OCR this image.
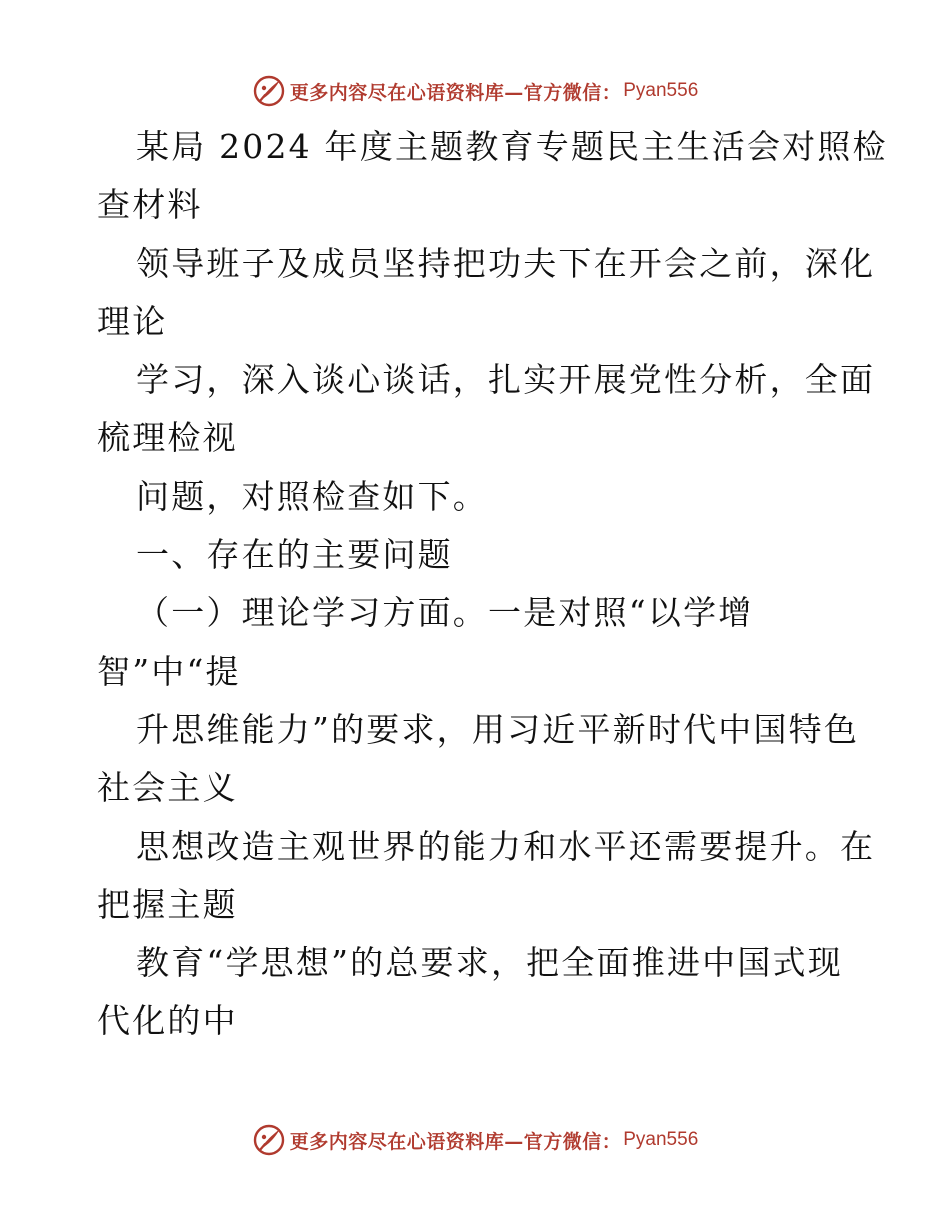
更多内容尽在心语资料库—官方微信： Pyan556
某局 2024 年度主题教育专题民主生活会对照检
查材料
领导班子及成员坚持把功夫下在开会之前，深化
理论
学习，深入谈心谈话，扎实开展党性分析，全面
梳理检视
问题，对照检查如下。
一、存在的主要问题
（一）理论学习方面。一是对照“以学增
智”中“提
升思维能力”的要求，用习近平新时代中国特色
社会主义
思想改造主观世界的能力和水平还需要提升。在
把握主题
教育“学思想”的总要求，把全面推进中国式现
代化的中
更多内容尽在心语资料库—官方微信： Pyan556
